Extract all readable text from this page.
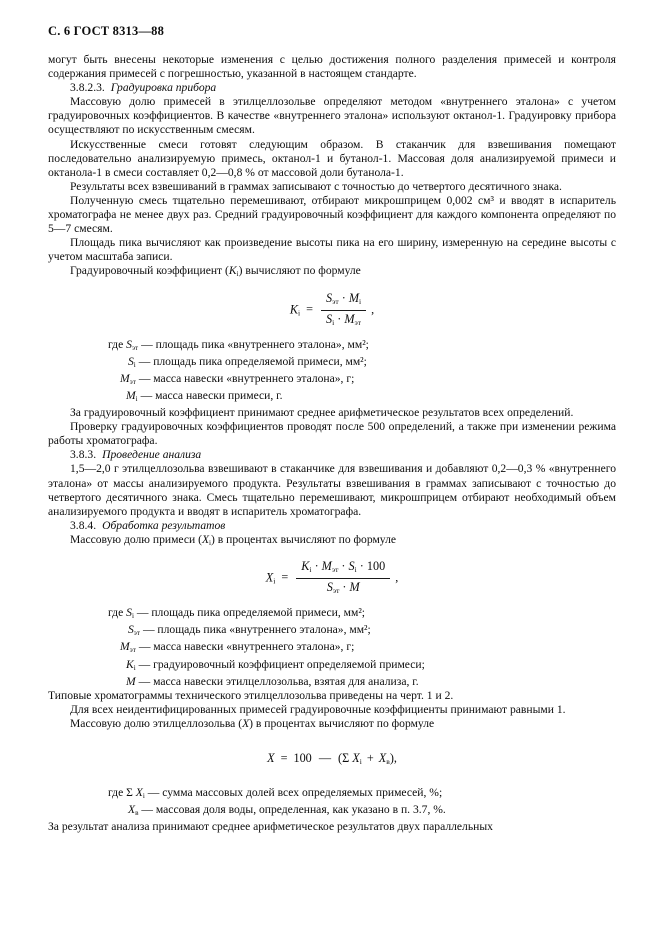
С. 6 ГОСТ 8313—88

могут быть внесены некоторые изменения с целью достижения полного разделения примесей и контроля содержания примесей с погрешностью, указанной в настоящем стандарте.

3.8.2.3. Градуировка прибора

Массовую долю примесей в этилцеллозольве определяют методом «внутреннего эталона» с учетом градуировочных коэффициентов. В качестве «внутреннего эталона» используют октанол-1. Градуировку прибора осуществляют по искусственным смесям.

Искусственные смеси готовят следующим образом. В стаканчик для взвешивания помещают последовательно анализируемую примесь, октанол-1 и бутанол-1. Массовая доля анализируемой примеси и октанола-1 в смеси составляет 0,2—0,8 % от массовой доли бутанола-1.

Результаты всех взвешиваний в граммах записывают с точностью до четвертого десятичного знака.

Полученную смесь тщательно перемешивают, отбирают микрошприцем 0,002 см³ и вводят в испаритель хроматографа не менее двух раз. Средний градуировочный коэффициент для каждого компонента определяют по 5—7 смесям.

Площадь пика вычисляют как произведение высоты пика на его ширину, измеренную на середине высоты с учетом масштаба записи.

Градуировочный коэффициент $(K_i)$ вычисляют по формуле

$K_i = \frac{S_{эт} \cdot M_i}{S_i \cdot M_{эт}}$ ,
где $S_{эт}$ — площадь пика «внутреннего эталона», мм²;
$S_i$ — площадь пика определяемой примеси, мм²;
$M_{эт}$ — масса навески «внутреннего эталона», г;
$M_i$ — масса навески примеси, г.

За градуировочный коэффициент принимают среднее арифметическое результатов всех определений.

Проверку градуировочных коэффициентов проводят после 500 определений, а также при изменении режима работы хроматографа.

3.8.3. Проведение анализа

1,5—2,0 г этилцеллозольва взвешивают в стаканчике для взвешивания и добавляют 0,2—0,3 % «внутреннего эталона» от массы анализируемого продукта. Результаты взвешивания в граммах записывают с точностью до четвертого десятичного знака. Смесь тщательно перемешивают, микрошприцем отбирают необходимый объем анализируемого продукта и вводят в испаритель хроматографа.

3.8.4. Обработка результатов

Массовую долю примеси $(X_i)$ в процентах вычисляют по формуле

$X_i = \frac{K_i \cdot M_{эт} \cdot S_i \cdot 100}{S_{эт} \cdot M}$ ,
где $S_i$ — площадь пика определяемой примеси, мм²;
$S_{эт}$ — площадь пика «внутреннего эталона», мм²;
$M_{эт}$ — масса навески «внутреннего эталона», г;
$K_i$ — градуировочный коэффициент определяемой примеси;
M — масса навески этилцеллозольва, взятая для анализа, г.

Типовые хроматограммы технического этилцеллозольва приведены на черт. 1 и 2.

Для всех неидентифицированных примесей градуировочные коэффициенты принимают равными 1.

Массовую долю этилцеллозольва (X) в процентах вычисляют по формуле

X = 100 — (Σ $X_i + X_в$),
где Σ $X_i$ — сумма массовых долей всех определяемых примесей, %;
$X_в$ — массовая доля воды, определенная, как указано в п. 3.7, %.

За результат анализа принимают среднее арифметическое результатов двух параллельных
